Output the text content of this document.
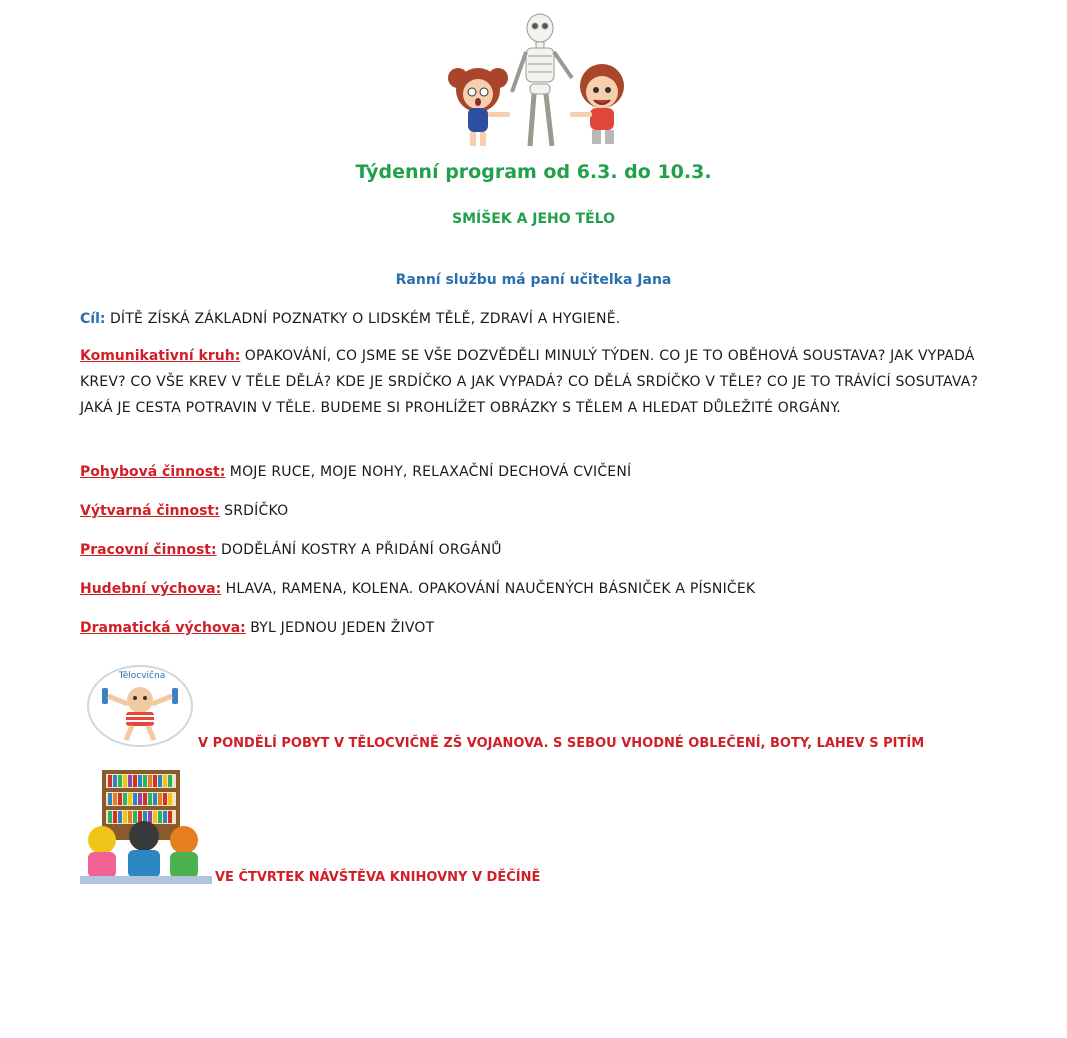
Týdenní program od 6.3. do 10.3.
SMÍŠEK A JEHO TĚLO
Ranní službu má paní učitelka Jana
Cíl: DÍTĚ ZÍSKÁ ZÁKLADNÍ POZNATKY O LIDSKÉM TĚLĚ, ZDRAVÍ A HYGIENĚ.
Komunikativní kruh: OPAKOVÁNÍ, CO JSME SE VŠE DOZVĚDĚLI MINULÝ TÝDEN. CO JE TO OBĚHOVÁ SOUSTAVA? JAK VYPADÁ KREV? CO VŠE KREV V TĚLE DĚLÁ? KDE JE SRDÍČKO A JAK VYPADÁ? CO DĚLÁ SRDÍČKO V TĚLE? CO JE TO TRÁVÍCÍ SOSUTAVA? JAKÁ JE CESTA POTRAVIN V TĚLE. BUDEME SI PROHLÍŽET OBRÁZKY S TĚLEM A HLEDAT DŮLEŽITÉ ORGÁNY.
Pohybová činnost: MOJE RUCE, MOJE NOHY, RELAXAČNÍ DECHOVÁ CVIČENÍ
Výtvarná činnost: SRDÍČKO
Pracovní činnost: DODĚLÁNÍ KOSTRY A PŘIDÁNÍ ORGÁNŮ
Hudební výchova: HLAVA, RAMENA, KOLENA. OPAKOVÁNÍ NAUČENÝCH BÁSNIČEK A PÍSNIČEK
Dramatická výchova: BYL JEDNOU JEDEN ŽIVOT
Tělocvična
V PONDĚLÍ POBYT V TĚLOCVIČNĚ ZŠ VOJANOVA. S SEBOU VHODNÉ OBLEČENÍ, BOTY, LAHEV S PITÍM
VE ČTVRTEK NÁVŠTĚVA KNIHOVNY V DĚČÍNĚ
